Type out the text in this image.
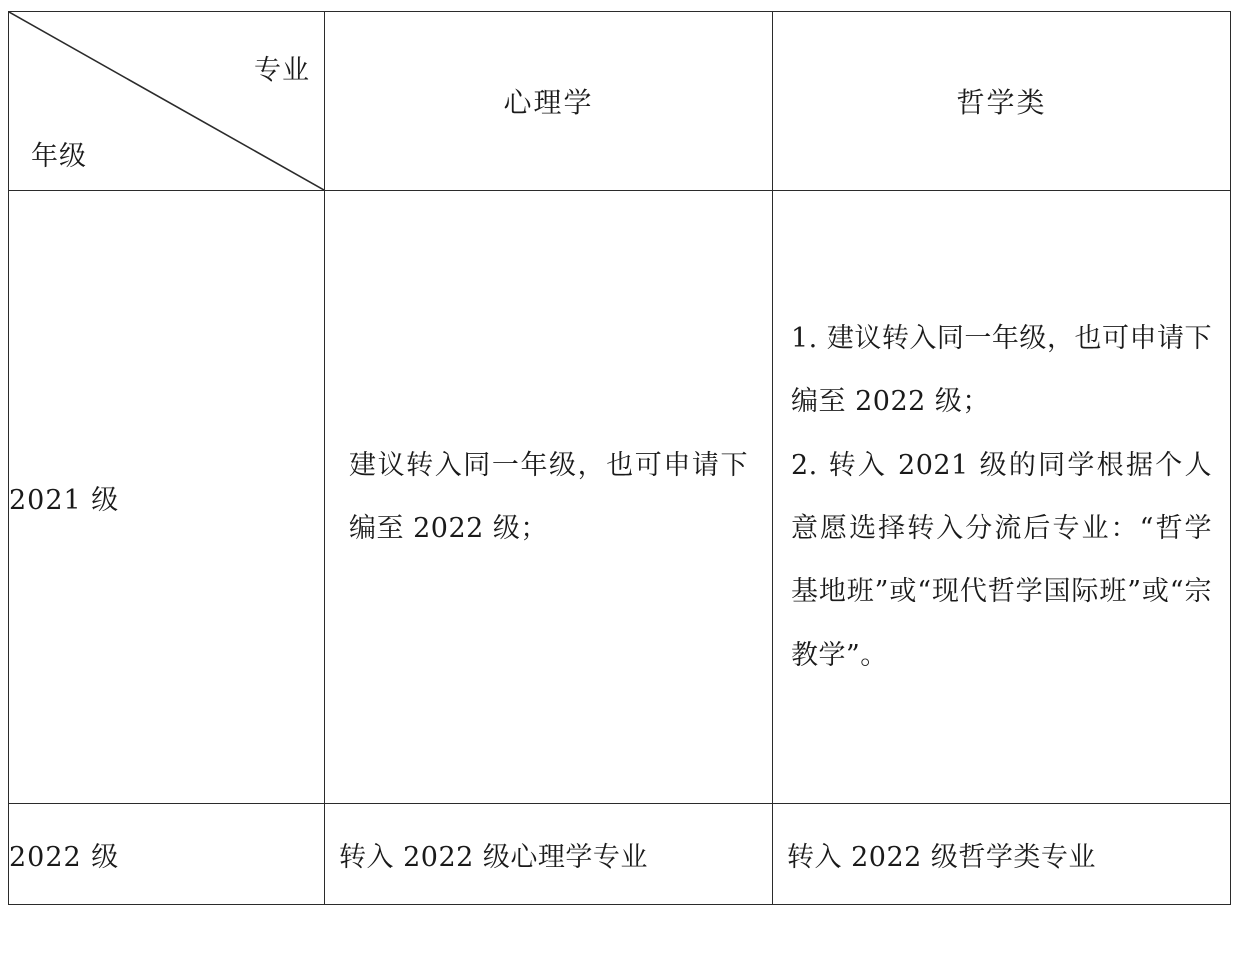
专业
年级	心理学	哲学类
2021 级	建议转入同一年级，也可申请下编至 2022 级；	1. 建议转入同一年级，也可申请下编至 2022 级；

2. 转入 2021 级的同学根据个人意愿选择转入分流后专业：“哲学基地班”或“现代哲学国际班”或“宗教学”。

2022 级	转入 2022 级心理学专业	转入 2022 级哲学类专业
